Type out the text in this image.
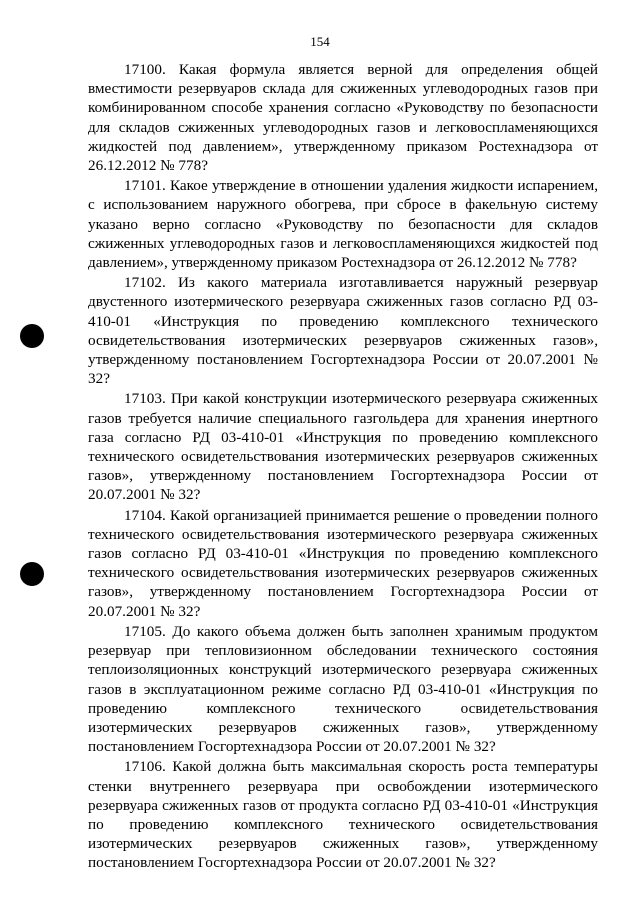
154

17100. Какая формула является верной для определения общей вместимости резервуаров склада для сжиженных углеводородных газов при комбинированном способе хранения согласно «Руководству по безопасности для складов сжиженных углеводородных газов и легковоспламеняющихся жидкостей под давлением», утвержденному приказом Ростехнадзора от 26.12.2012 № 778?

17101. Какое утверждение в отношении удаления жидкости испарением, с использованием наружного обогрева, при сбросе в факельную систему указано верно согласно «Руководству по безопасности для складов сжиженных углеводородных газов и легковоспламеняющихся жидкостей под давлением», утвержденному приказом Ростехнадзора от 26.12.2012 № 778?

17102. Из какого материала изготавливается наружный резервуар двустенного изотермического резервуара сжиженных газов согласно РД 03-410-01 «Инструкция по проведению комплексного технического освидетельствования изотермических резервуаров сжиженных газов», утвержденному постановлением Госгортехнадзора России от 20.07.2001 № 32?

17103. При какой конструкции изотермического резервуара сжиженных газов требуется наличие специального газгольдера для хранения инертного газа согласно РД 03-410-01 «Инструкция по проведению комплексного технического освидетельствования изотермических резервуаров сжиженных газов», утвержденному постановлением Госгортехнадзора России от 20.07.2001 № 32?

17104. Какой организацией принимается решение о проведении полного технического освидетельствования изотермического резервуара сжиженных газов согласно РД 03-410-01 «Инструкция по проведению комплексного технического освидетельствования изотермических резервуаров сжиженных газов», утвержденному постановлением Госгортехнадзора России от 20.07.2001 № 32?

17105. До какого объема должен быть заполнен хранимым продуктом резервуар при тепловизионном обследовании технического состояния теплоизоляционных конструкций изотермического резервуара сжиженных газов в эксплуатационном режиме согласно РД 03-410-01 «Инструкция по проведению комплексного технического освидетельствования изотермических резервуаров сжиженных газов», утвержденному постановлением Госгортехнадзора России от 20.07.2001 № 32?

17106. Какой должна быть максимальная скорость роста температуры стенки внутреннего резервуара при освобождении изотермического резервуара сжиженных газов от продукта согласно РД 03-410-01 «Инструкция по проведению комплексного технического освидетельствования изотермических резервуаров сжиженных газов», утвержденному постановлением Госгортехнадзора России от 20.07.2001 № 32?
